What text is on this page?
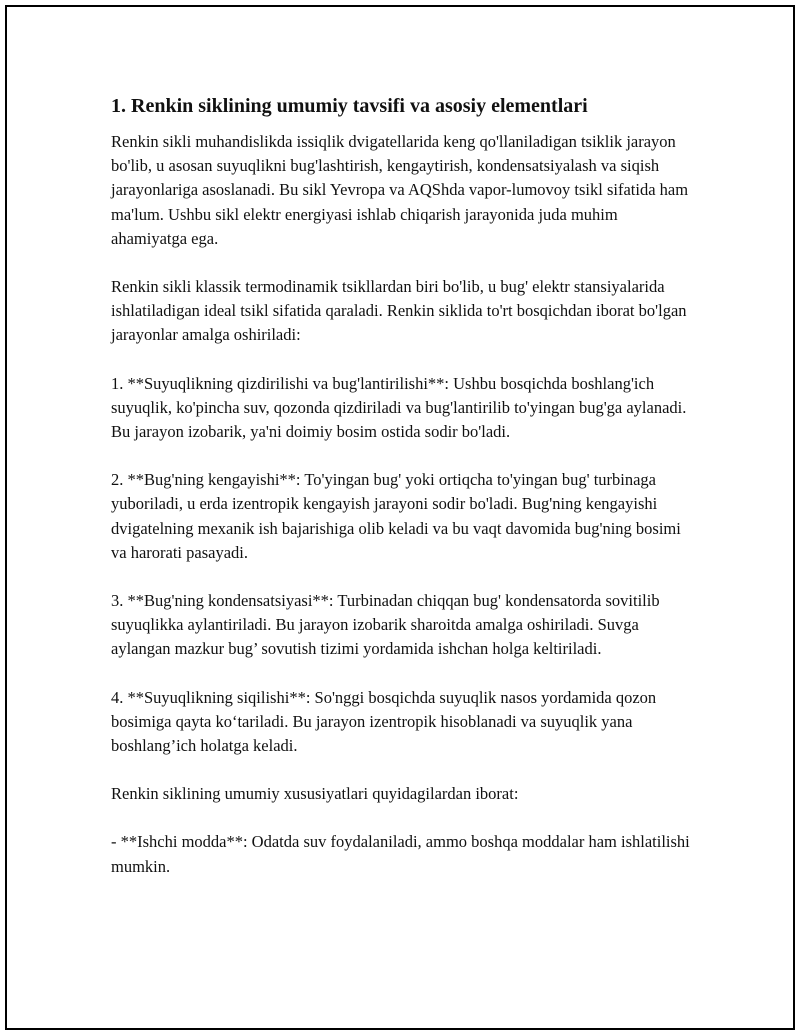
1. Renkin siklining umumiy tavsifi va asosiy elementlari

Renkin sikli muhandislikda issiqlik dvigatellarida keng qo'llaniladigan tsiklik jarayon bo'lib, u asosan suyuqlikni bug'lashtirish, kengaytirish, kondensatsiyalash va siqish jarayonlariga asoslanadi. Bu sikl Yevropa va AQShda vapor-lumovoy tsikl sifatida ham ma'lum. Ushbu sikl elektr energiyasi ishlab chiqarish jarayonida juda muhim ahamiyatga ega.

Renkin sikli klassik termodinamik tsikllardan biri bo'lib, u bug' elektr stansiyalarida ishlatiladigan ideal tsikl sifatida qaraladi. Renkin siklida to'rt bosqichdan iborat bo'lgan jarayonlar amalga oshiriladi:

1. **Suyuqlikning qizdirilishi va bug'lantirilishi**: Ushbu bosqichda boshlang'ich suyuqlik, ko'pincha suv, qozonda qizdiriladi va bug'lantirilib to'yingan bug'ga aylanadi. Bu jarayon izobarik, ya'ni doimiy bosim ostida sodir bo'ladi.

2. **Bug'ning kengayishi**: To'yingan bug' yoki ortiqcha to'yingan bug' turbinaga yuboriladi, u erda izentropik kengayish jarayoni sodir bo'ladi. Bug'ning kengayishi dvigatelning mexanik ish bajarishiga olib keladi va bu vaqt davomida bug'ning bosimi va harorati pasayadi.

3. **Bug'ning kondensatsiyasi**: Turbinadan chiqqan bug' kondensatorda sovitilib suyuqlikka aylantiriladi. Bu jarayon izobarik sharoitda amalga oshiriladi. Suvga aylangan mazkur bug’ sovutish tizimi yordamida ishchan holga keltiriladi.

4. **Suyuqlikning siqilishi**: So'nggi bosqichda suyuqlik nasos yordamida qozon bosimiga qayta ko‘tariladi. Bu jarayon izentropik hisoblanadi va suyuqlik yana boshlang’ich holatga keladi.

Renkin siklining umumiy xususiyatlari quyidagilardan iborat:

- **Ishchi modda**: Odatda suv foydalaniladi, ammo boshqa moddalar ham ishlatilishi mumkin.
